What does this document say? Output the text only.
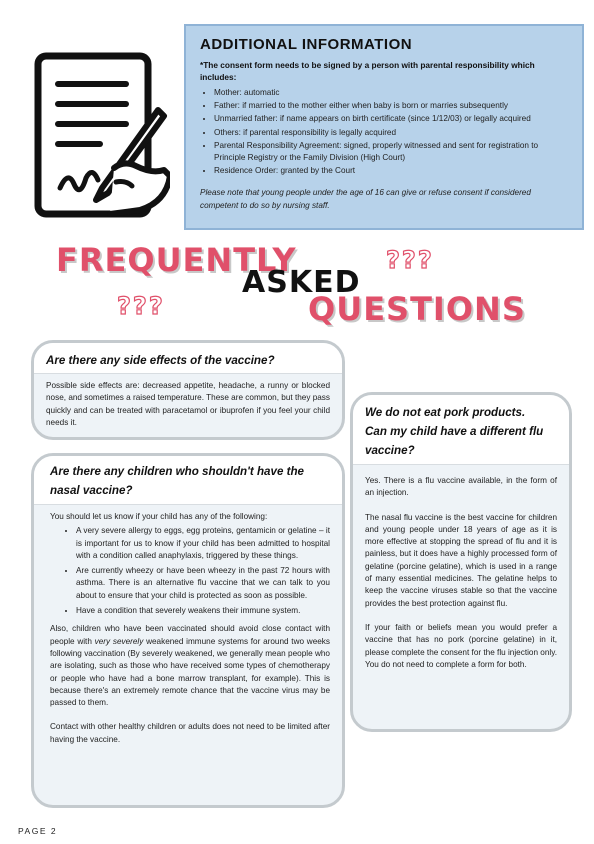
ADDITIONAL INFORMATION

*The consent form needs to be signed by a person with parental responsibility which includes:

• Mother: automatic
• Father: if married to the mother either when baby is born or marries subsequently
• Unmarried father: if name appears on birth certificate (since 1/12/03) or legally acquired
• Others: if parental responsibility is legally acquired
• Parental Responsibility Agreement: signed, properly witnessed and sent for registration to Principle Registry or the Family Division (High Court)
• Residence Order: granted by the Court

Please note that young people under the age of 16 can give or refuse consent if considered competent to do so by nursing staff.

FREQUENTLY
ASKED
QUESTIONS
???
???
Are there any side effects of the vaccine?

Possible side effects are: decreased appetite, headache, a runny or blocked nose, and sometimes a raised temperature. These are common, but they pass quickly and can be treated with paracetamol or ibuprofen if you feel your child needs it.

Are there any children who shouldn't have the nasal vaccine?

You should let us know if your child has any of the following:

• A very severe allergy to eggs, egg proteins, gentamicin or gelatine – it is important for us to know if your child has been admitted to hospital with a condition called anaphylaxis, triggered by these things.
• Are currently wheezy or have been wheezy in the past 72 hours with asthma. There is an alternative flu vaccine that we can talk to you about to ensure that your child is protected as soon as possible.
• Have a condition that severely weakens their immune system.

Also, children who have been vaccinated should avoid close contact with people with very severely weakened immune systems for around two weeks following vaccination (By severely weakened, we generally mean people who are isolating, such as those who have received some types of chemotherapy or people who have had a bone marrow transplant, for example). This is because there's an extremely remote chance that the vaccine virus may be passed to them.

Contact with other healthy children or adults does not need to be limited after having the vaccine.

We do not eat pork products.
Can my child have a different flu vaccine?

Yes. There is a flu vaccine available, in the form of an injection.

The nasal flu vaccine is the best vaccine for children and young people under 18 years of age as it is more effective at stopping the spread of flu and it is painless, but it does have a highly processed form of gelatine (porcine gelatine), which is used in a range of many essential medicines. The gelatine helps to keep the vaccine viruses stable so that the vaccine provides the best protection against flu.

If your faith or beliefs mean you would prefer a vaccine that has no pork (porcine gelatine) in it, please complete the consent for the flu injection only. You do not need to complete a form for both.

PAGE 2
